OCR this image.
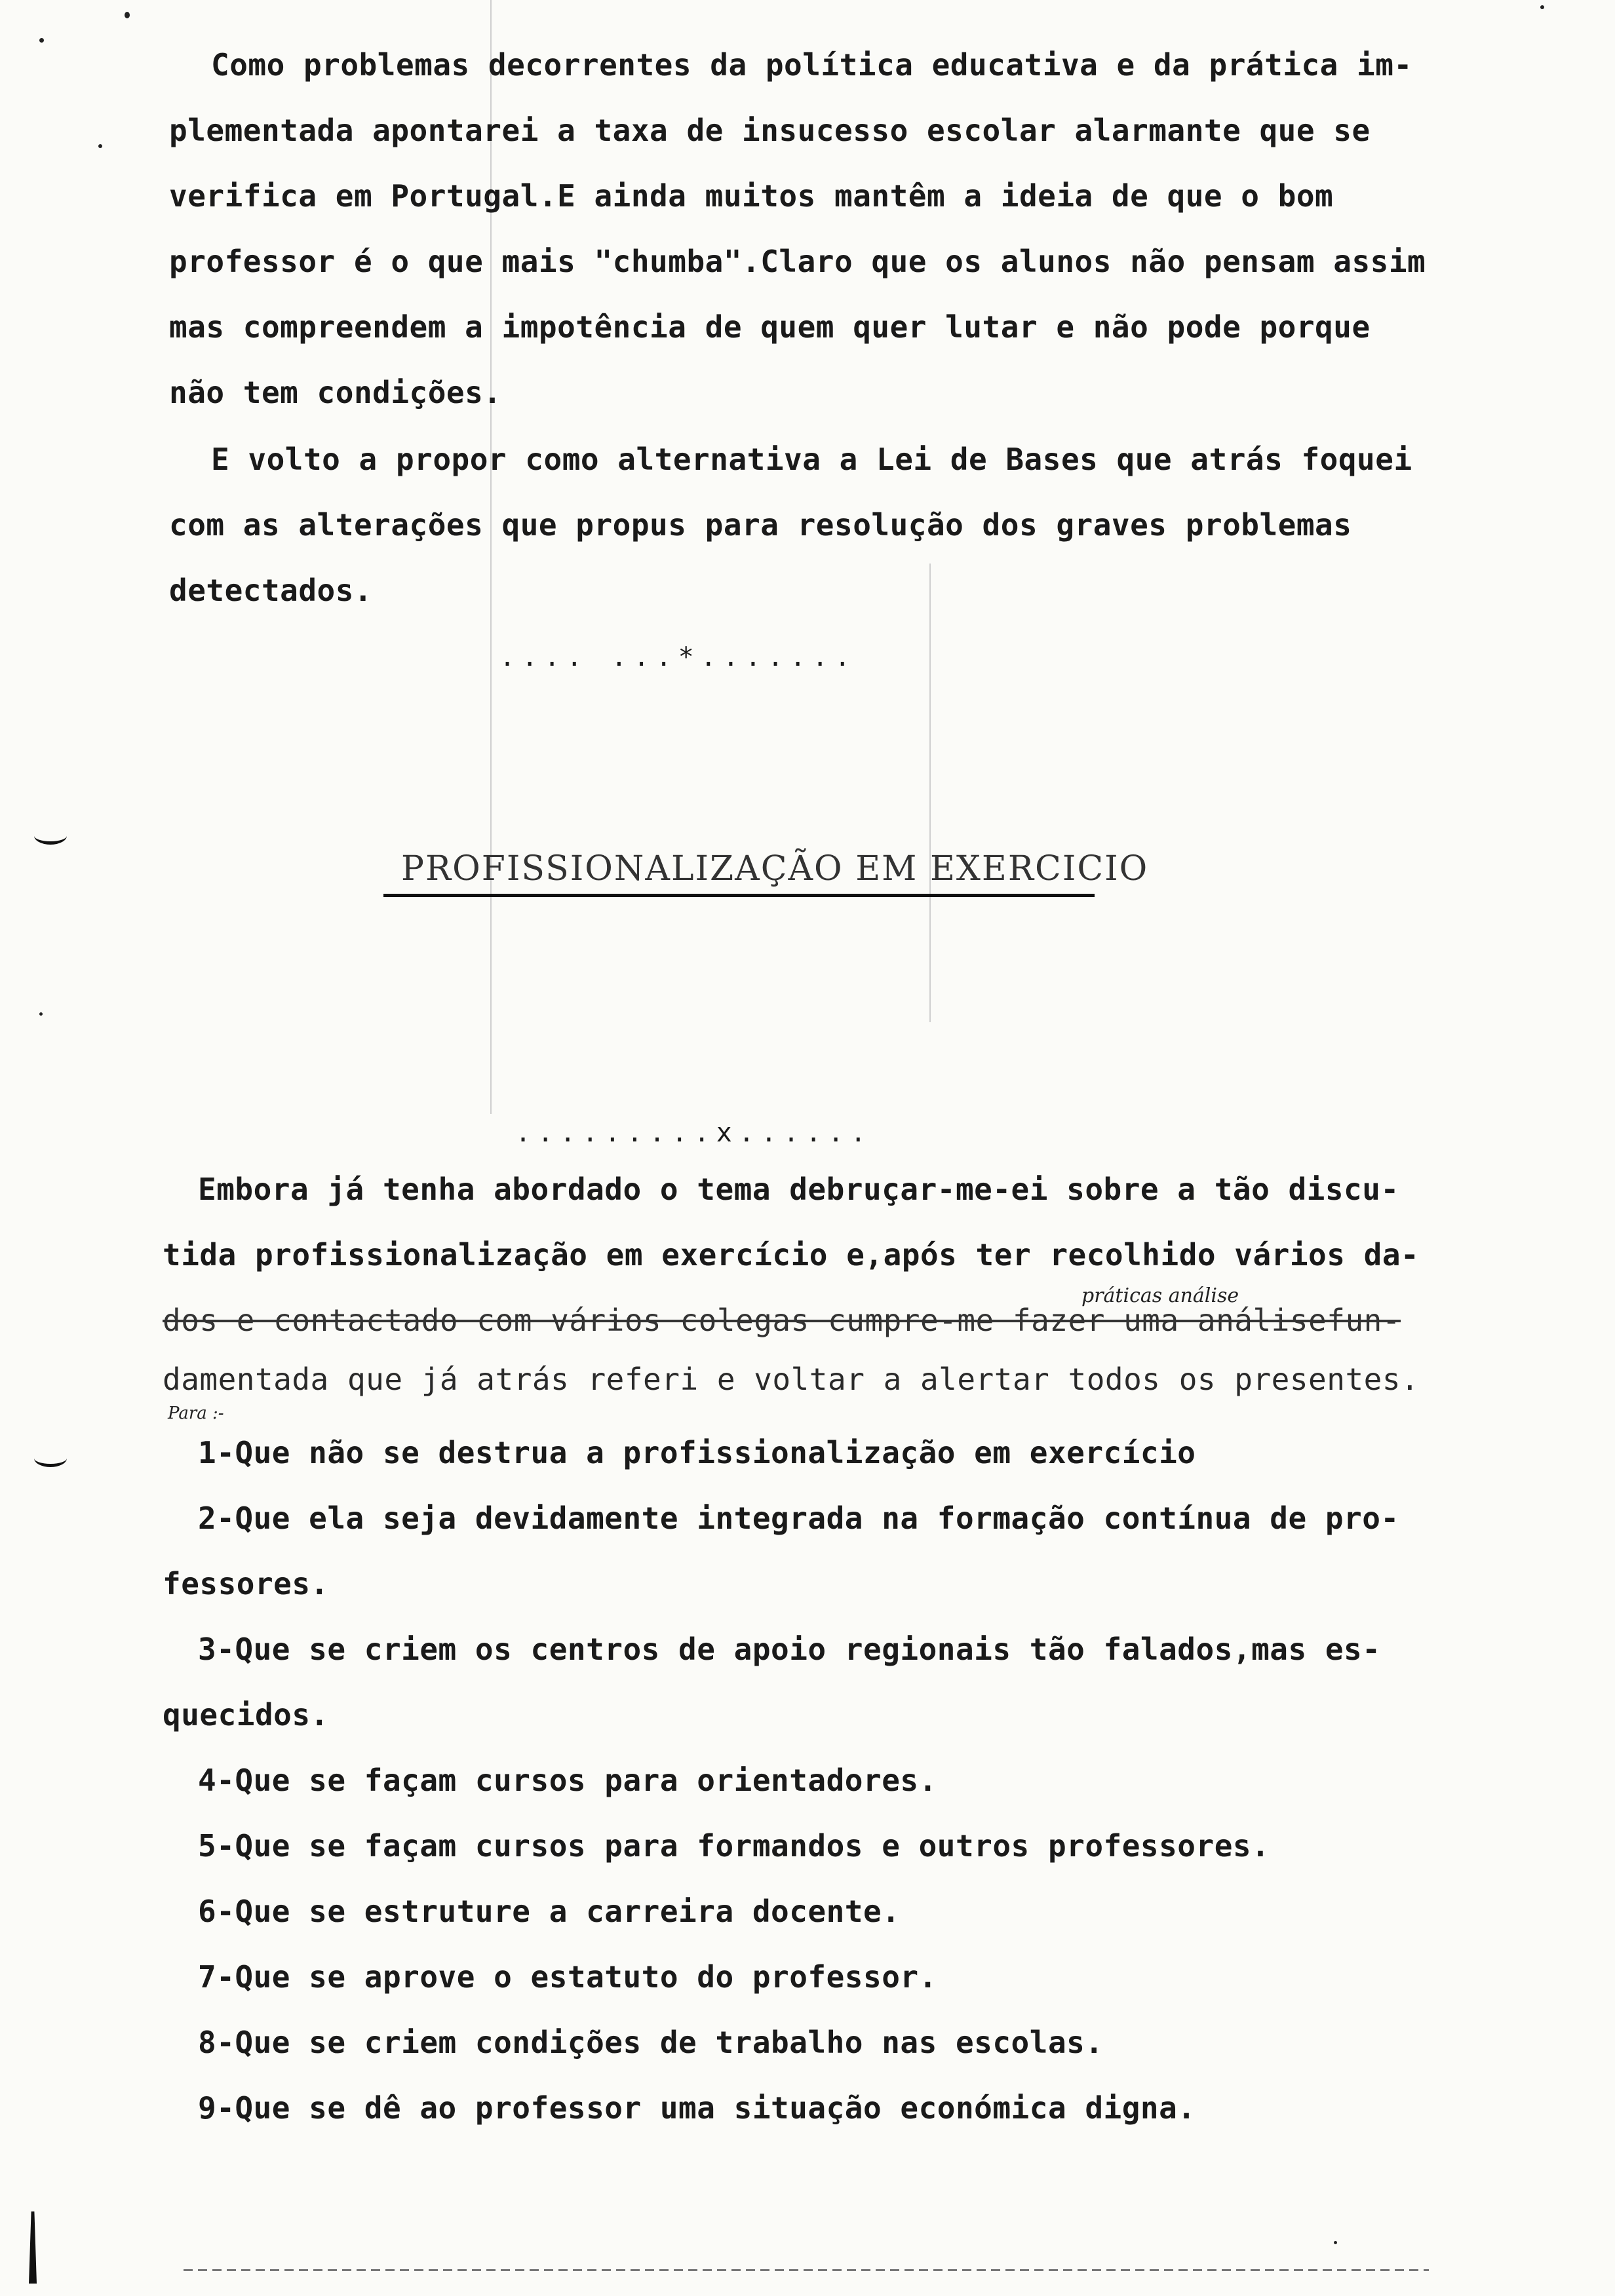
Como problemas decorrentes da política educativa e da prática im-
plementada apontarei a taxa de insucesso escolar alarmante que se
verifica em Portugal.E ainda muitos mantêm a ideia de que o bom
professor é o que mais "chumba".Claro que os alunos não pensam assim
mas compreendem a impotência de quem quer lutar e não pode porque
não tem condições.
E volto a propor como alternativa a Lei de Bases que atrás foquei
com as alterações que propus para resolução dos graves problemas
detectados.
.... ...*.......
PROFISSIONALIZAÇÃO EM EXERCICIO
.........x......
Embora já tenha abordado o tema debruçar-me-ei sobre a tão discu-
tida profissionalização em exercício e,após ter recolhido vários da-
práticas análise
dos e contactado com vários colegas cumpre-me fazer uma análisefun-
damentada que já atrás referi e voltar a alertar todos os presentes.
Para :-
1-Que não se destrua a profissionalização em exercício
2-Que ela seja devidamente integrada na formação contínua de pro-
fessores.
3-Que se criem os centros de apoio regionais tão falados,mas es-
quecidos.
4-Que se façam cursos para orientadores.
5-Que se façam cursos para formandos e outros professores.
6-Que se estruture a carreira docente.
7-Que se aprove o estatuto do professor.
8-Que se criem condições de trabalho nas escolas.
9-Que se dê ao professor uma situação económica digna.
